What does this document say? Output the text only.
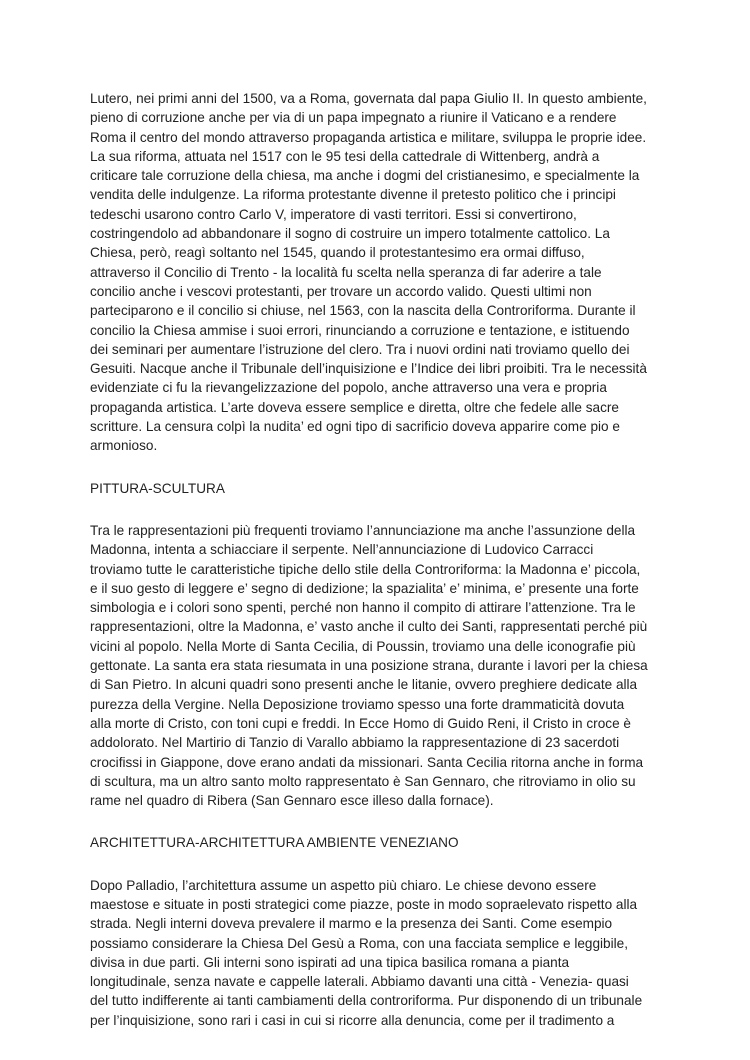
Lutero, nei primi anni del 1500, va a Roma, governata dal papa Giulio II. In questo ambiente,
pieno di corruzione anche per via di un papa impegnato a riunire il Vaticano e a rendere
Roma il centro del mondo attraverso propaganda artistica e militare, sviluppa le proprie idee.
La sua riforma, attuata nel 1517 con le 95 tesi della cattedrale di Wittenberg, andrà a
criticare tale corruzione della chiesa, ma anche i dogmi del cristianesimo, e specialmente la
vendita delle indulgenze. La riforma protestante divenne il pretesto politico che i principi
tedeschi usarono contro Carlo V, imperatore di vasti territori. Essi si convertirono,
costringendolo ad abbandonare il sogno di costruire un impero totalmente cattolico. La
Chiesa, però, reagì soltanto nel 1545, quando il protestantesimo era ormai diffuso,
attraverso il Concilio di Trento - la località fu scelta nella speranza di far aderire a tale
concilio anche i vescovi protestanti, per trovare un accordo valido. Questi ultimi non
parteciparono e il concilio si chiuse, nel 1563, con la nascita della Controriforma. Durante il
concilio la Chiesa ammise i suoi errori, rinunciando a corruzione e tentazione, e istituendo
dei seminari per aumentare l’istruzione del clero. Tra i nuovi ordini nati troviamo quello dei
Gesuiti. Nacque anche il Tribunale dell’inquisizione e l’Indice dei libri proibiti. Tra le necessità
evidenziate ci fu la rievangelizzazione del popolo, anche attraverso una vera e propria
propaganda artistica. L’arte doveva essere semplice e diretta, oltre che fedele alle sacre
scritture. La censura colpì la nudita’ ed ogni tipo di sacrificio doveva apparire come pio e
armonioso.
PITTURA-SCULTURA
Tra le rappresentazioni più frequenti troviamo l’annunciazione ma anche l’assunzione della
Madonna, intenta a schiacciare il serpente. Nell’annunciazione di Ludovico Carracci
troviamo tutte le caratteristiche tipiche dello stile della Controriforma: la Madonna e’ piccola,
e il suo gesto di leggere e’ segno di dedizione; la spazialita’ e’ minima, e’ presente una forte
simbologia e i colori sono spenti, perché non hanno il compito di attirare l’attenzione. Tra le
rappresentazioni, oltre la Madonna, e’ vasto anche il culto dei Santi, rappresentati perché più
vicini al popolo. Nella Morte di Santa Cecilia, di Poussin, troviamo una delle iconografie più
gettonate. La santa era stata riesumata in una posizione strana, durante i lavori per la chiesa
di San Pietro. In alcuni quadri sono presenti anche le litanie, ovvero preghiere dedicate alla
purezza della Vergine. Nella Deposizione troviamo spesso una forte drammaticità dovuta
alla morte di Cristo, con toni cupi e freddi. In Ecce Homo di Guido Reni, il Cristo in croce è
addolorato. Nel Martirio di Tanzio di Varallo abbiamo la rappresentazione di 23 sacerdoti
crocifissi in Giappone, dove erano andati da missionari. Santa Cecilia ritorna anche in forma
di scultura, ma un altro santo molto rappresentato è San Gennaro, che ritroviamo in olio su
rame nel quadro di Ribera (San Gennaro esce illeso dalla fornace).
ARCHITETTURA-ARCHITETTURA AMBIENTE VENEZIANO
Dopo Palladio, l’architettura assume un aspetto più chiaro. Le chiese devono essere
maestose e situate in posti strategici come piazze, poste in modo sopraelevato rispetto alla
strada. Negli interni doveva prevalere il marmo e la presenza dei Santi. Come esempio
possiamo considerare la Chiesa Del Gesù a Roma, con una facciata semplice e leggibile,
divisa in due parti. Gli interni sono ispirati ad una tipica basilica romana a pianta
longitudinale, senza navate e cappelle laterali. Abbiamo davanti una città - Venezia- quasi
del tutto indifferente ai tanti cambiamenti della controriforma. Pur disponendo di un tribunale
per l’inquisizione, sono rari i casi in cui si ricorre alla denuncia, come per il tradimento a
